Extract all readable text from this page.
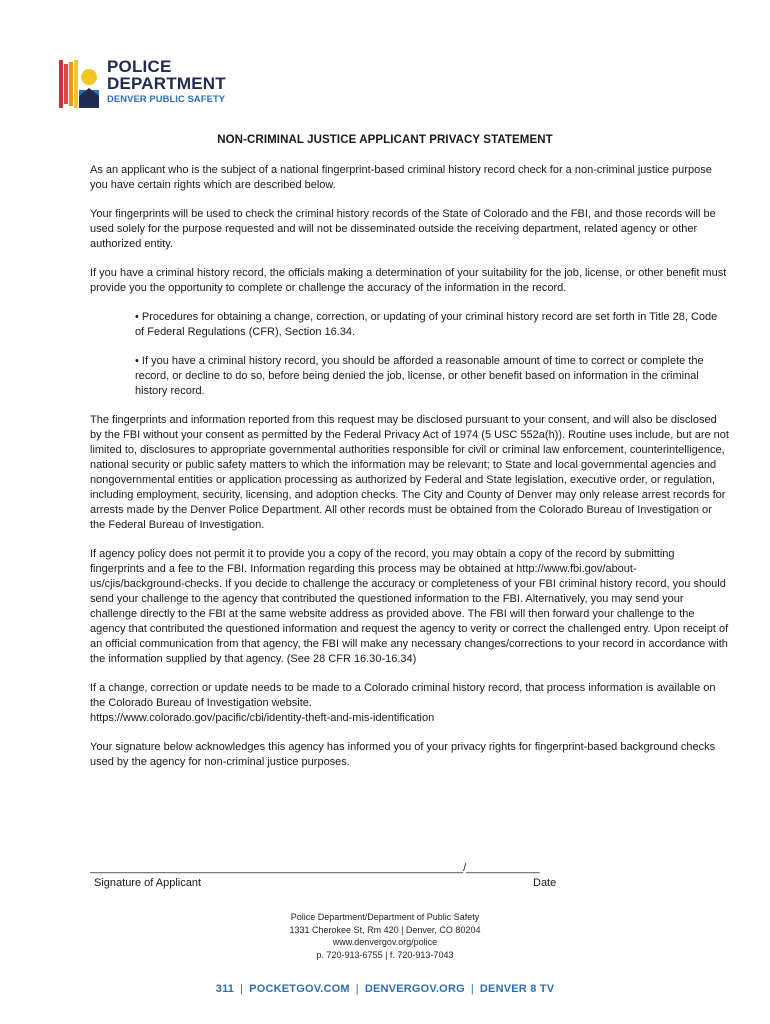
POLICE
DEPARTMENT
DENVER PUBLIC SAFETY
NON-CRIMINAL JUSTICE APPLICANT PRIVACY STATEMENT

As an applicant who is the subject of a national fingerprint-based criminal history record check for a non-criminal justice purpose you have certain rights which are described below.

Your fingerprints will be used to check the criminal history records of the State of Colorado and the FBI, and those records will be used solely for the purpose requested and will not be disseminated outside the receiving department, related agency or other authorized entity.

If you have a criminal history record, the officials making a determination of your suitability for the job, license, or other benefit must provide you the opportunity to complete or challenge the accuracy of the information in the record.

• Procedures for obtaining a change, correction, or updating of your criminal history record are set forth in Title 28, Code of Federal Regulations (CFR), Section 16.34.

• If you have a criminal history record, you should be afforded a reasonable amount of time to correct or complete the record, or decline to do so, before being denied the job, license, or other benefit based on information in the criminal history record.

The fingerprints and information reported from this request may be disclosed pursuant to your consent, and will also be disclosed by the FBI without your consent as permitted by the Federal Privacy Act of 1974 (5 USC 552a(h)). Routine uses include, but are not limited to, disclosures to appropriate governmental authorities responsible for civil or criminal law enforcement, counterintelligence, national security or public safety matters to which the information may be relevant; to State and local governmental agencies and nongovernmental entities or application processing as authorized by Federal and State legislation, executive order, or regulation, including employment, security, licensing, and adoption checks. The City and County of Denver may only release arrest records for arrests made by the Denver Police Department. All other records must be obtained from the Colorado Bureau of Investigation or the Federal Bureau of Investigation.

If agency policy does not permit it to provide you a copy of the record, you may obtain a copy of the record by submitting fingerprints and a fee to the FBI. Information regarding this process may be obtained at http://www.fbi.gov/about-us/cjis/background-checks. If you decide to challenge the accuracy or completeness of your FBI criminal history record, you should send your challenge to the agency that contributed the questioned information to the FBI. Alternatively, you may send your challenge directly to the FBI at the same website address as provided above. The FBI will then forward your challenge to the agency that contributed the questioned information and request the agency to verity or correct the challenged entry. Upon receipt of an official communication from that agency, the FBI will make any necessary changes/corrections to your record in accordance with the information supplied by that agency. (See 28 CFR 16.30-16.34)

If a change, correction or update needs to be made to a Colorado criminal history record, that process information is available on the Colorado Bureau of Investigation website.
https://www.colorado.gov/pacific/cbi/identity-theft-and-mis-identification

Your signature below acknowledges this agency has informed you of your privacy rights for fingerprint-based background checks used by the agency for non-criminal justice purposes.

_____________________________________________________________/____________
Signature of Applicant	Date
Police Department/Department of Public Safety
1331 Cherokee St, Rm 420 | Denver, CO 80204
www.denvergov.org/police
p. 720-913-6755 | f. 720-913-7043
311 | POCKETGOV.COM | DENVERGOV.ORG | DENVER 8 TV
